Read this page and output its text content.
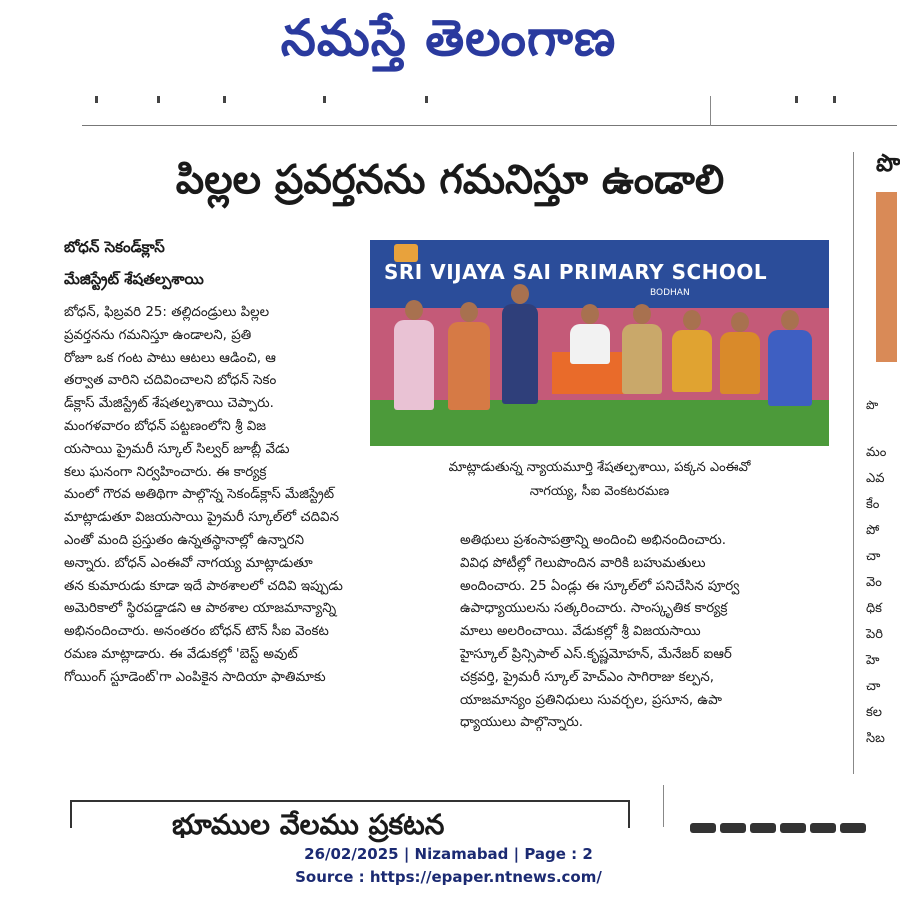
నమస్తే తెలంగాణ
పిల్లల ప్రవర్తనను గమనిస్తూ ఉండాలి
బోధన్ సెకండ్‌క్లాస్
మేజిస్ట్రేట్ శేషతల్పశాయి	SRI VIJAYA SAI PRIMARY SCHOOL
BODHAN
మాట్లాడుతున్న న్యాయమూర్తి శేషతల్పశాయి, పక్కన ఎంఈవో
నాగయ్య, సీఐ వెంకటరమణ
బోధన్, ఫిబ్రవరి 25: తల్లిదండ్రులు పిల్లల
ప్రవర్తనను గమనిస్తూ ఉండాలని, ప్రతి
రోజూ ఒక గంట పాటు ఆటలు ఆడించి, ఆ
తర్వాత వారిని చదివించాలని బోధన్ సెకం
డ్‌క్లాస్ మేజిస్ట్రేట్ శేషతల్పశాయి చెప్పారు.
మంగళవారం బోధన్ పట్టణంలోని శ్రీ విజ
యసాయి ప్రైమరీ స్కూల్ సిల్వర్ జూబ్లీ వేడు
కలు ఘనంగా నిర్వహించారు. ఈ కార్యక్ర
మంలో గౌరవ అతిథిగా పాల్గొన్న సెకండ్‌క్లాస్ మేజిస్ట్రేట్
మాట్లాడుతూ విజయసాయి ప్రైమరీ స్కూల్‌లో చదివిన
ఎంతో మంది ప్రస్తుతం ఉన్నతస్థానాల్లో ఉన్నారని
అన్నారు. బోధన్ ఎంఈవో నాగయ్య మాట్లాడుతూ
తన కుమారుడు కూడా ఇదే పాఠశాలలో చదివి ఇప్పుడు
అమెరికాలో స్థిరపడ్డాడని ఆ పాఠశాల యాజమాన్యాన్ని
అభినందించారు. అనంతరం బోధన్ టౌన్ సీఐ వెంకట
రమణ మాట్లాడారు. ఈ వేడుకల్లో 'బెస్ట్ అవుట్
గోయింగ్ స్టూడెంట్'గా ఎంపికైన సాదియా ఫాతిమాకు
అతిథులు ప్రశంసాపత్రాన్ని అందించి అభినందించారు.
వివిధ పోటీల్లో గెలుపొందిన వారికి బహుమతులు
అందించారు. 25 ఏండ్లు ఈ స్కూల్‌లో పనిచేసిన పూర్వ
ఉపాధ్యాయులను సత్కరించారు. సాంస్కృతిక కార్యక్ర
మాలు అలరించాయి. వేడుకల్లో శ్రీ విజయసాయి
హైస్కూల్ ప్రిన్సిపాల్ ఎస్.కృష్ణమోహన్, మేనేజర్ ఐఆర్
చక్రవర్తి, ప్రైమరీ స్కూల్ హెచ్ఎం సాగిరాజు కల్పన,
యాజమాన్యం ప్రతినిధులు సువర్చల, ప్రసూన, ఉపా
ధ్యాయులు పాల్గొన్నారు.
పొ
పొ
మం
ఎవ
కేం
పో
చా
వెం
ధిక
పెరి
హె
చా
కల
సిబ
భూముల వేలము ప్రకటన
26/02/2025 | Nizamabad | Page : 2
Source : https://epaper.ntnews.com/
